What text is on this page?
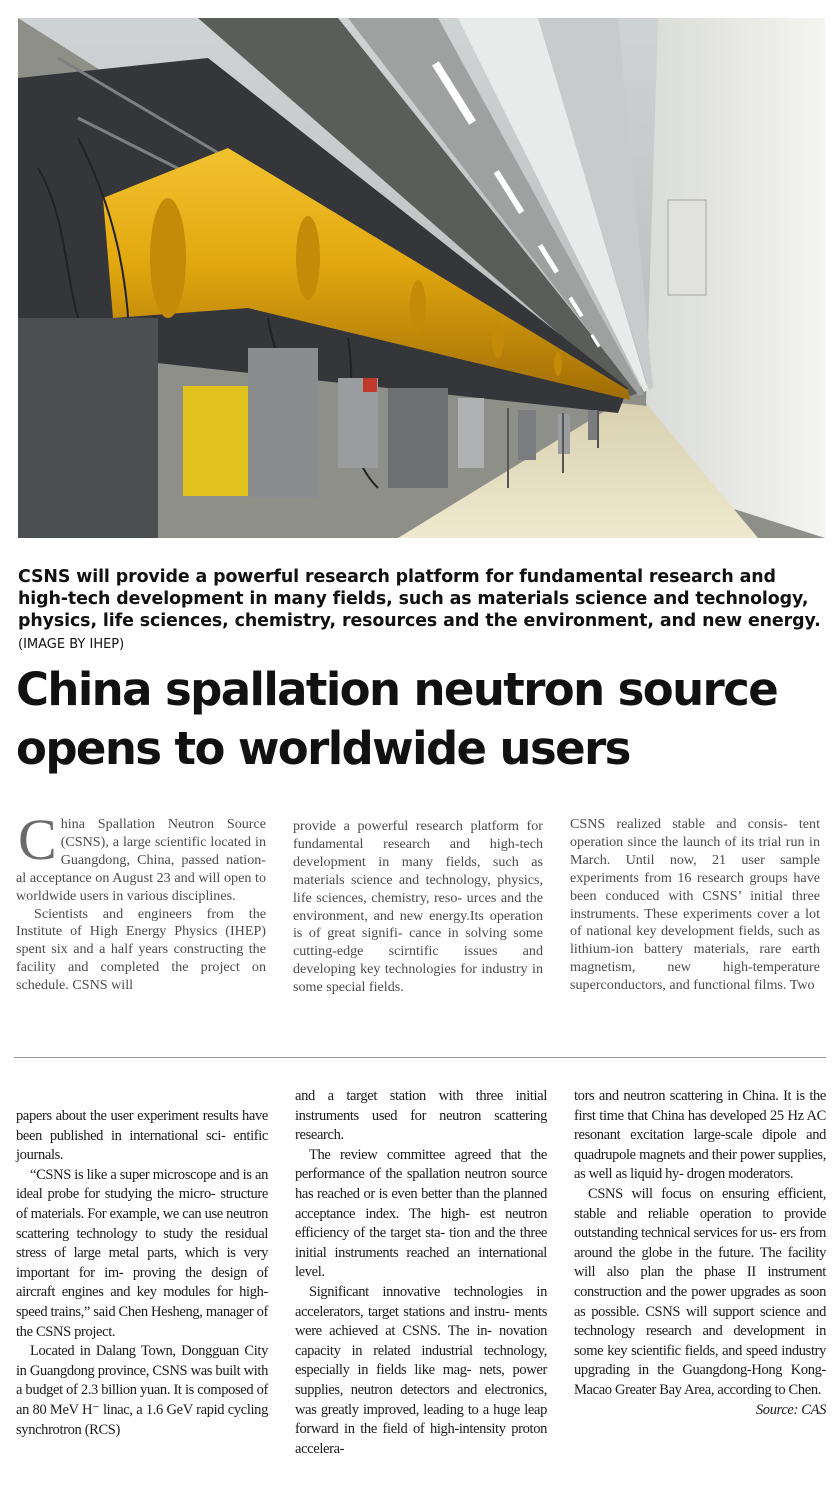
CSNS will provide a powerful research platform for fundamental research and high-tech development in many fields, such as materials science and technology, physics, life sciences, chemistry, resources and the environment, and new energy. (IMAGE BY IHEP)
China spallation neutron source
opens to worldwide users

China Spallation Neutron Source (CSNS), a large scientific located in Guangdong, China, passed nation- al acceptance on August 23 and will open to worldwide users in various disciplines.

Scientists and engineers from the Institute of High Energy Physics (IHEP) spent six and a half years constructing the facility and completed the project on schedule. CSNS will

provide a powerful research platform for fundamental research and high-tech development in many fields, such as materials science and technology, physics, life sciences, chemistry, reso- urces and the environment, and new energy.Its operation is of great signifi- cance in solving some cutting-edge scirntific issues and developing key technologies for industry in some special fields.

CSNS realized stable and consis- tent operation since the launch of its trial run in March. Until now, 21 user sample experiments from 16 research groups have been conduced with CSNS’ initial three instruments. These experiments cover a lot of national key development fields, such as lithium-ion battery materials, rare earth magnetism, new high-temperature superconductors, and functional films. Two

papers about the user experiment results have been published in international sci- entific journals.

“CSNS is like a super microscope and is an ideal probe for studying the micro- structure of materials. For example, we can use neutron scattering technology to study the residual stress of large metal parts, which is very important for im- proving the design of aircraft engines and key modules for high-speed trains,” said Chen Hesheng, manager of the CSNS project.

Located in Dalang Town, Dongguan City in Guangdong province, CSNS was built with a budget of 2.3 billion yuan. It is composed of an 80 MeV H⁻ linac, a 1.6 GeV rapid cycling synchrotron (RCS)

and a target station with three initial instruments used for neutron scattering research.

The review committee agreed that the performance of the spallation neutron source has reached or is even better than the planned acceptance index. The high- est neutron efficiency of the target sta- tion and the three initial instruments reached an international level.

Significant innovative technologies in accelerators, target stations and instru- ments were achieved at CSNS. The in- novation capacity in related industrial technology, especially in fields like mag- nets, power supplies, neutron detectors and electronics, was greatly improved, leading to a huge leap forward in the field of high-intensity proton accelera-

tors and neutron scattering in China. It is the first time that China has developed 25 Hz AC resonant excitation large-scale dipole and quadrupole magnets and their power supplies, as well as liquid hy- drogen moderators.

CSNS will focus on ensuring efficient, stable and reliable operation to provide outstanding technical services for us- ers from around the globe in the future. The facility will also plan the phase II instrument construction and the power upgrades as soon as possible. CSNS will support science and technology research and development in some key scientific fields, and speed industry upgrading in the Guangdong-Hong Kong-Macao Greater Bay Area, according to Chen.

Source: CAS
